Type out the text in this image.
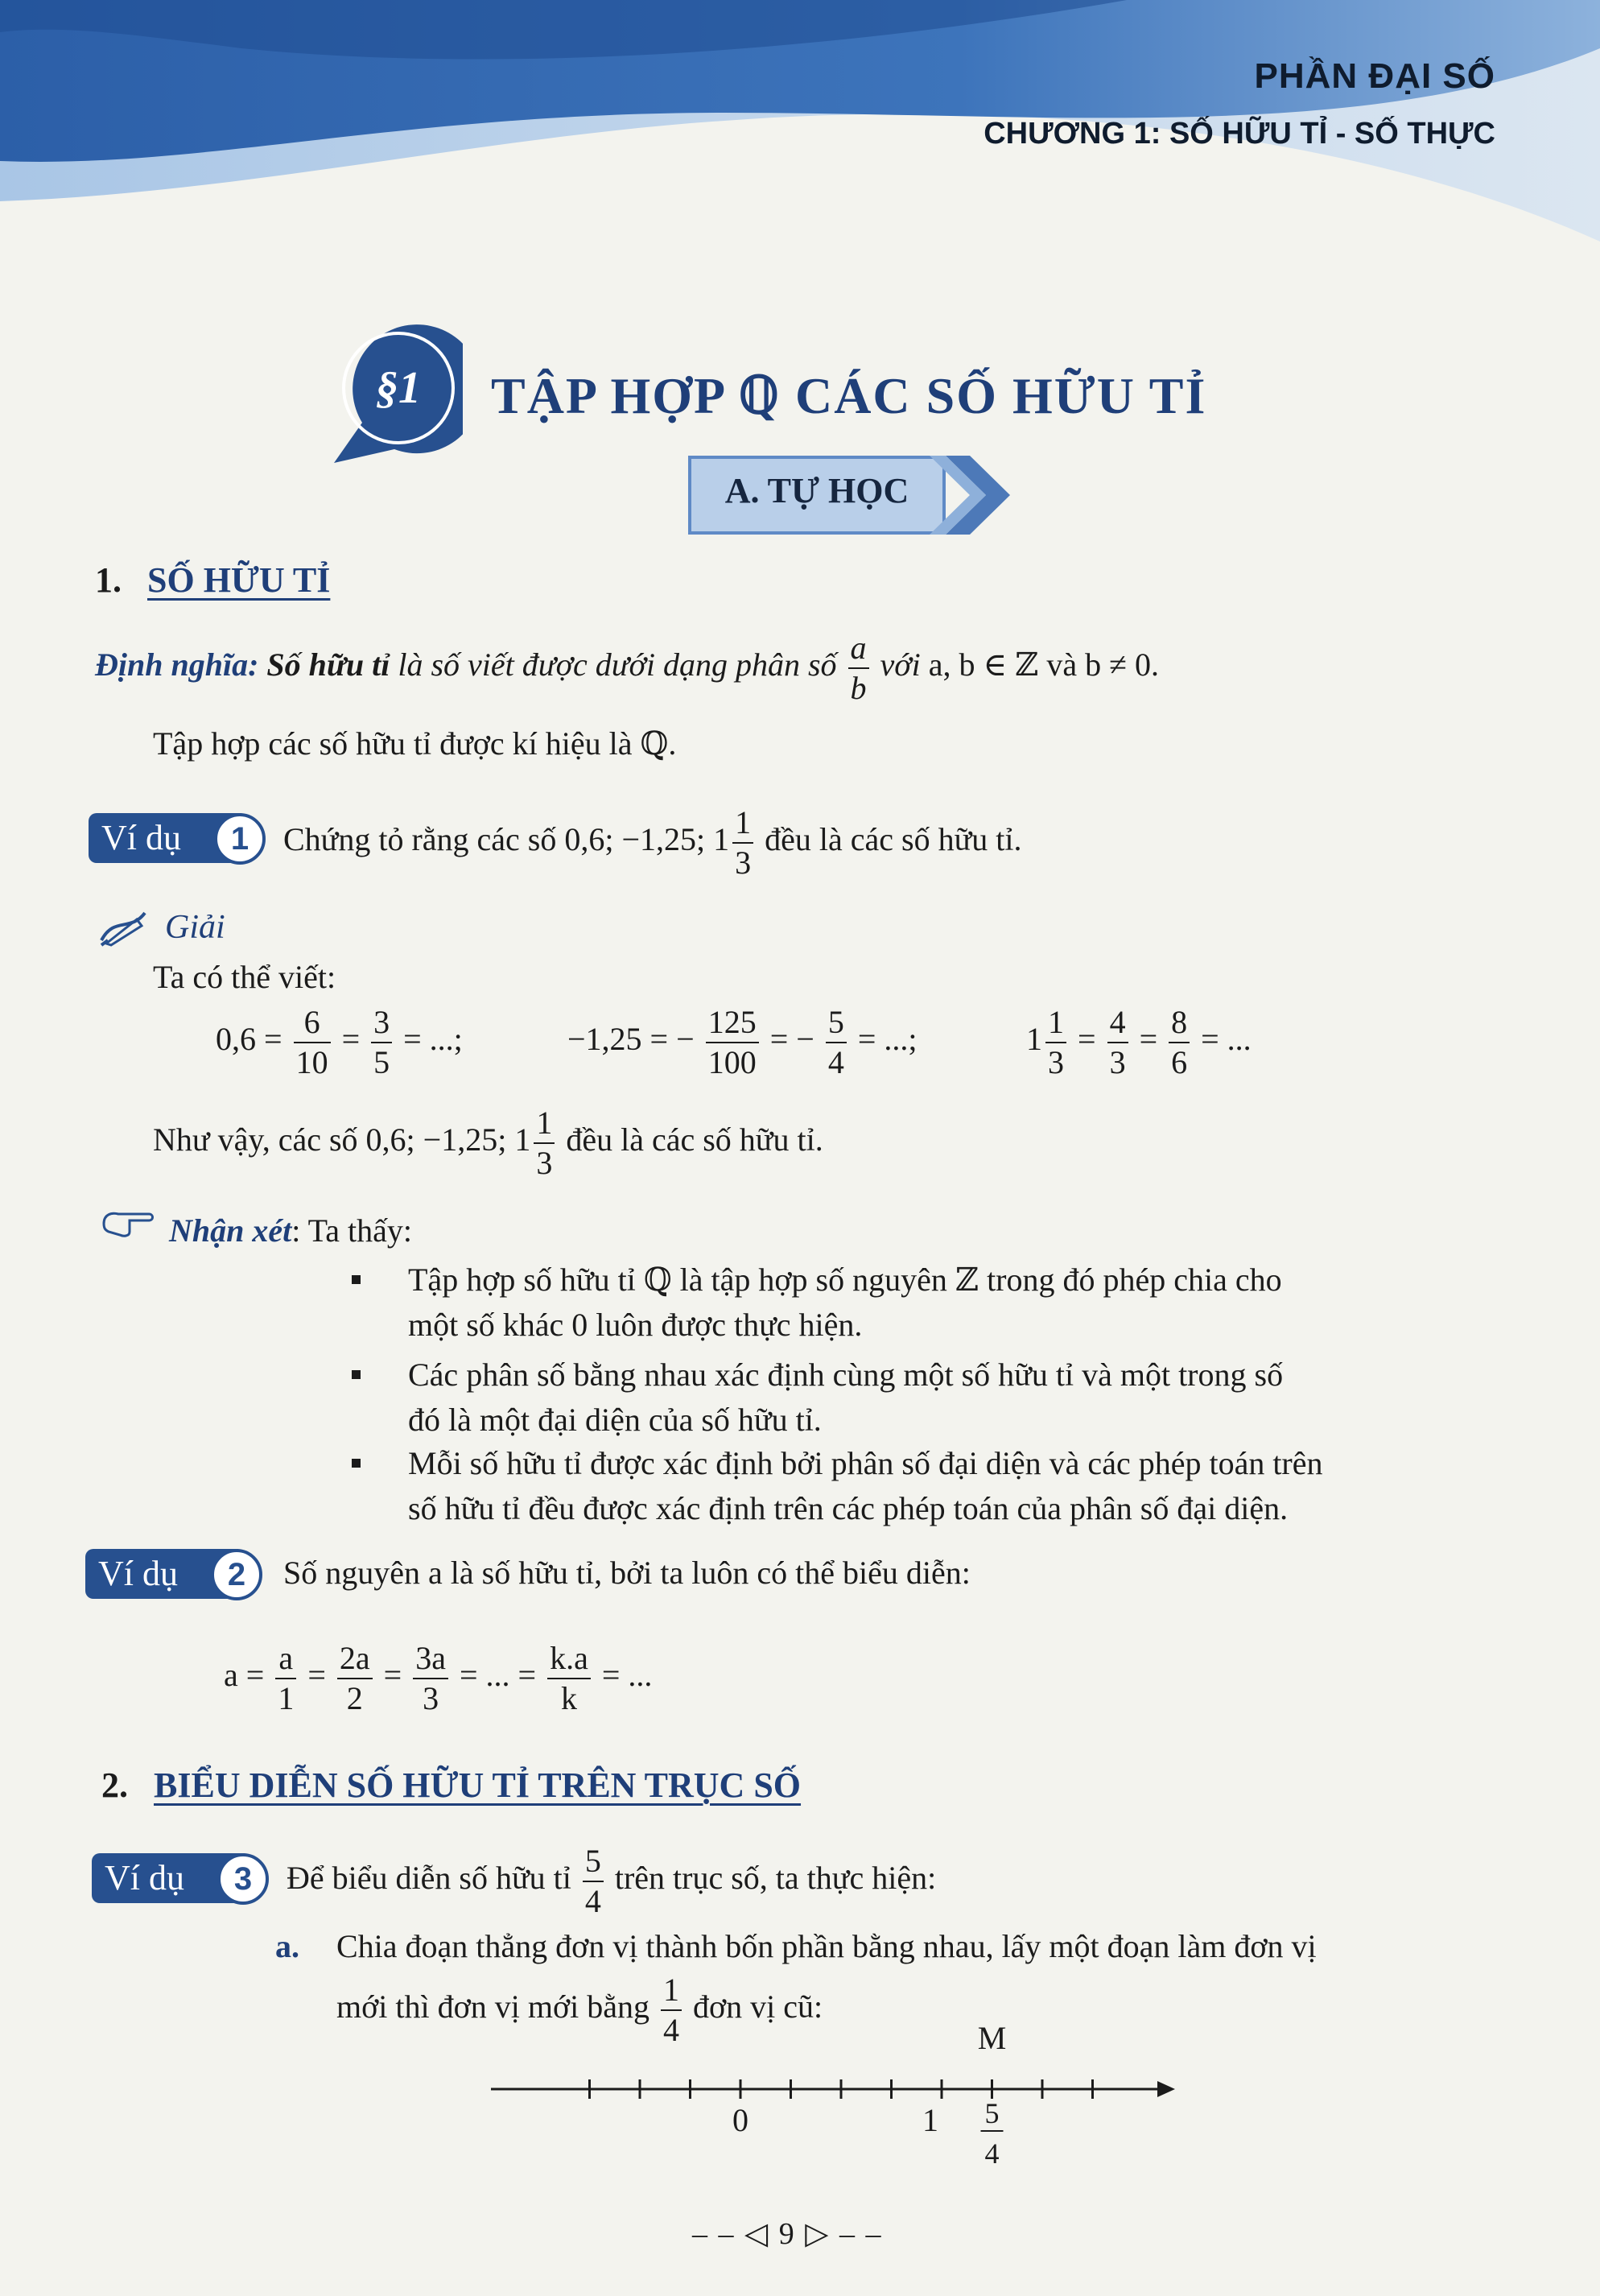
PHẦN ĐẠI SỐ
CHƯƠNG 1: SỐ HỮU TỈ - SỐ THỰC
§1 TẬP HỢP ℚ CÁC SỐ HỮU TỈ
A. TỰ HỌC
1. SỐ HỮU TỈ
Định nghĩa: Số hữu tỉ là số viết được dưới dạng phân số $\frac{a}{b}$ với a, b ∈ ℤ và b ≠ 0.
Tập hợp các số hữu tỉ được kí hiệu là ℚ.
Ví dụ	1	Chứng tỏ rằng các số 0,6; −1,25; $1 \frac{1}{3}$ đều là các số hữu tỉ.
Giải
Ta có thể viết:
$0,6 = \frac{6}{10} = \frac{3}{5}$ = ...;	−1,25 = − $\frac{125}{100}$ = − $\frac{5}{4}$ = ...;	$1 \frac{1}{3} = \frac{4}{3} = \frac{8}{6}$ = ...
Như vậy, các số 0,6; −1,25; $1 \frac{1}{3}$ đều là các số hữu tỉ.
Nhận xét: Ta thấy:
Tập hợp số hữu tỉ ℚ là tập hợp số nguyên ℤ trong đó phép chia cho
một số khác 0 luôn được thực hiện.
Các phân số bằng nhau xác định cùng một số hữu tỉ và một trong số
đó là một đại diện của số hữu tỉ.
Mỗi số hữu tỉ được xác định bởi phân số đại diện và các phép toán trên
số hữu tỉ đều được xác định trên các phép toán của phân số đại diện.
Ví dụ	2	Số nguyên a là số hữu tỉ, bởi ta luôn có thể biểu diễn:
$a = \frac{a}{1} = \frac{2a}{2} = \frac{3a}{3}$ = ... = $\frac{k.a}{k}$ = ...
2. BIỂU DIỄN SỐ HỮU TỈ TRÊN TRỤC SỐ
Ví dụ	3	Để biểu diễn số hữu tỉ $\frac{5}{4}$ trên trục số, ta thực hiện:
a. Chia đoạn thẳng đơn vị thành bốn phần bằng nhau, lấy một đoạn làm đơn vị
mới thì đơn vị mới bằng $\frac{1}{4}$ đơn vị cũ:
0	1
M
5
4
– – ◁ 9 ▷ – –
